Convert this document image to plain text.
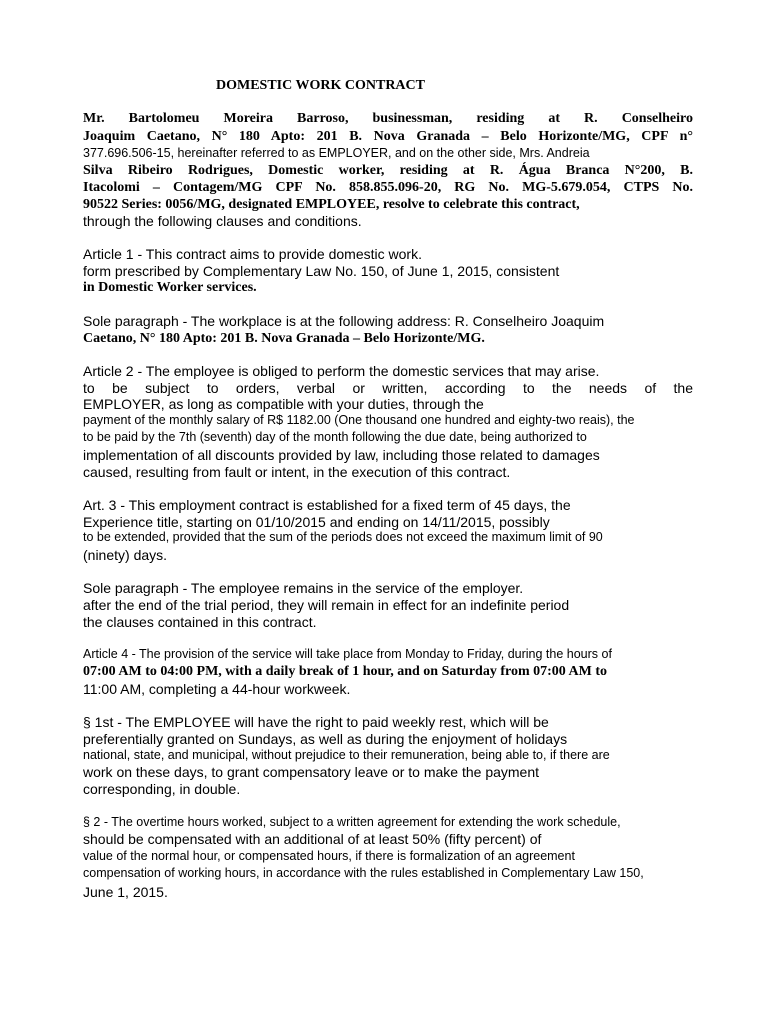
DOMESTIC WORK CONTRACT
Mr. Bartolomeu Moreira Barroso, businessman, residing at R. Conselheiro
Joaquim Caetano, N° 180 Apto: 201 B. Nova Granada – Belo Horizonte/MG, CPF n°
377.696.506-15, hereinafter referred to as EMPLOYER, and on the other side, Mrs. Andreia
Silva Ribeiro Rodrigues, Domestic worker, residing at R. Água Branca N°200, B.
Itacolomi – Contagem/MG CPF No. 858.855.096-20, RG No. MG-5.679.054, CTPS No.
90522 Series: 0056/MG, designated EMPLOYEE, resolve to celebrate this contract,
through the following clauses and conditions.
Article 1 - This contract aims to provide domestic work.
form prescribed by Complementary Law No. 150, of June 1, 2015, consistent
in Domestic Worker services.
Sole paragraph - The workplace is at the following address: R. Conselheiro Joaquim
Caetano, N° 180 Apto: 201 B. Nova Granada – Belo Horizonte/MG.
Article 2 - The employee is obliged to perform the domestic services that may arise.
to be subject to orders, verbal or written, according to the needs of the
EMPLOYER, as long as compatible with your duties, through the
payment of the monthly salary of R$ 1182.00 (One thousand one hundred and eighty-two reais), the
to be paid by the 7th (seventh) day of the month following the due date, being authorized to
implementation of all discounts provided by law, including those related to damages
caused, resulting from fault or intent, in the execution of this contract.
Art. 3 - This employment contract is established for a fixed term of 45 days, the
Experience title, starting on 01/10/2015 and ending on 14/11/2015, possibly
to be extended, provided that the sum of the periods does not exceed the maximum limit of 90
(ninety) days.
Sole paragraph - The employee remains in the service of the employer.
after the end of the trial period, they will remain in effect for an indefinite period
the clauses contained in this contract.
Article 4 - The provision of the service will take place from Monday to Friday, during the hours of
07:00 AM to 04:00 PM, with a daily break of 1 hour, and on Saturday from 07:00 AM to
11:00 AM, completing a 44-hour workweek.
§ 1st - The EMPLOYEE will have the right to paid weekly rest, which will be
preferentially granted on Sundays, as well as during the enjoyment of holidays
national, state, and municipal, without prejudice to their remuneration, being able to, if there are
work on these days, to grant compensatory leave or to make the payment
corresponding, in double.
§ 2 - The overtime hours worked, subject to a written agreement for extending the work schedule,
should be compensated with an additional of at least 50% (fifty percent) of
value of the normal hour, or compensated hours, if there is formalization of an agreement
compensation of working hours, in accordance with the rules established in Complementary Law 150,
June 1, 2015.
